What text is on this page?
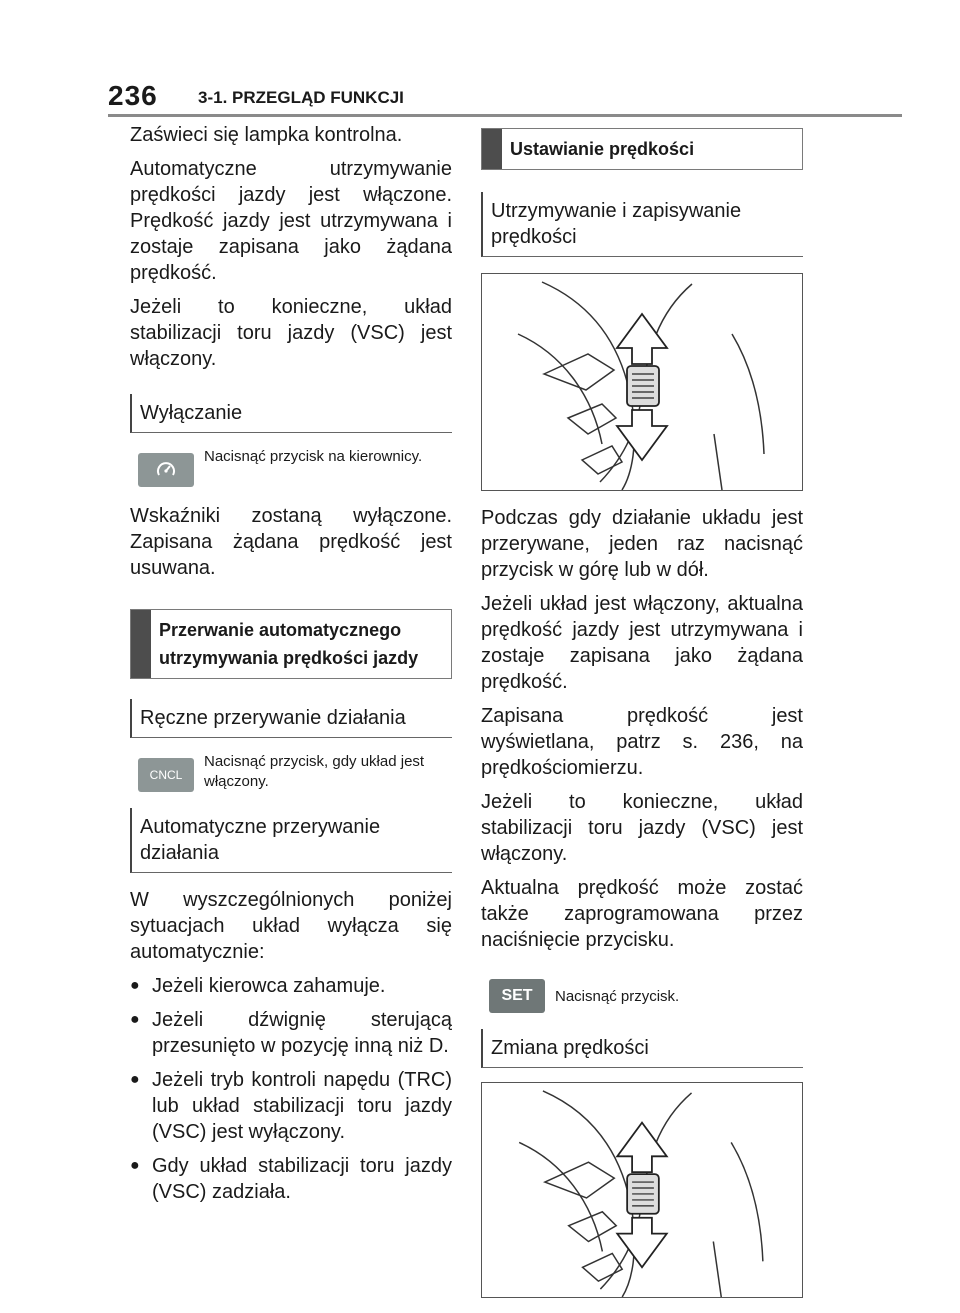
236 3-1. PRZEGLĄD FUNKCJI

Zaświeci się lampka kontrolna.

Automatyczne utrzymywanie prędkości jazdy jest włączone. Prędkość jazdy jest utrzymywana i zostaje zapisana jako żądana prędkość.

Jeżeli to konieczne, układ stabilizacji toru jazdy (VSC) jest włączony.

Wyłączanie
Nacisnąć przycisk na kierownicy.

Wskaźniki zostaną wyłączone. Zapisana żądana prędkość jest usuwana.

Przerwanie automatycznego utrzymywania prędkości jazdy
Ręczne przerywanie działania
CNCL
Nacisnąć przycisk, gdy układ jest włączony.
Automatyczne przerywanie działania

W wyszczególnionych poniżej sytuacjach układ wyłącza się automatycznie:

● Jeżeli kierowca zahamuje.
● Jeżeli dźwignię sterującą przesunięto w pozycję inną niż D.
● Jeżeli tryb kontroli napędu (TRC) lub układ stabilizacji toru jazdy (VSC) jest wyłączony.
● Gdy układ stabilizacji toru jazdy (VSC) zadziała.
Ustawianie prędkości
Utrzymywanie i zapisywanie prędkości

Podczas gdy działanie układu jest przerywane, jeden raz nacisnąć przycisk w górę lub w dół.

Jeżeli układ jest włączony, aktualna prędkość jazdy jest utrzymywana i zostaje zapisana jako żądana prędkość.

Zapisana prędkość jest wyświetlana, patrz s. 236, na prędkościomierzu.

Jeżeli to konieczne, układ stabilizacji toru jazdy (VSC) jest włączony.

Aktualna prędkość może zostać także zaprogramowana przez naciśnięcie przycisku.

SET	Nacisnąć przycisk.
Zmiana prędkości
